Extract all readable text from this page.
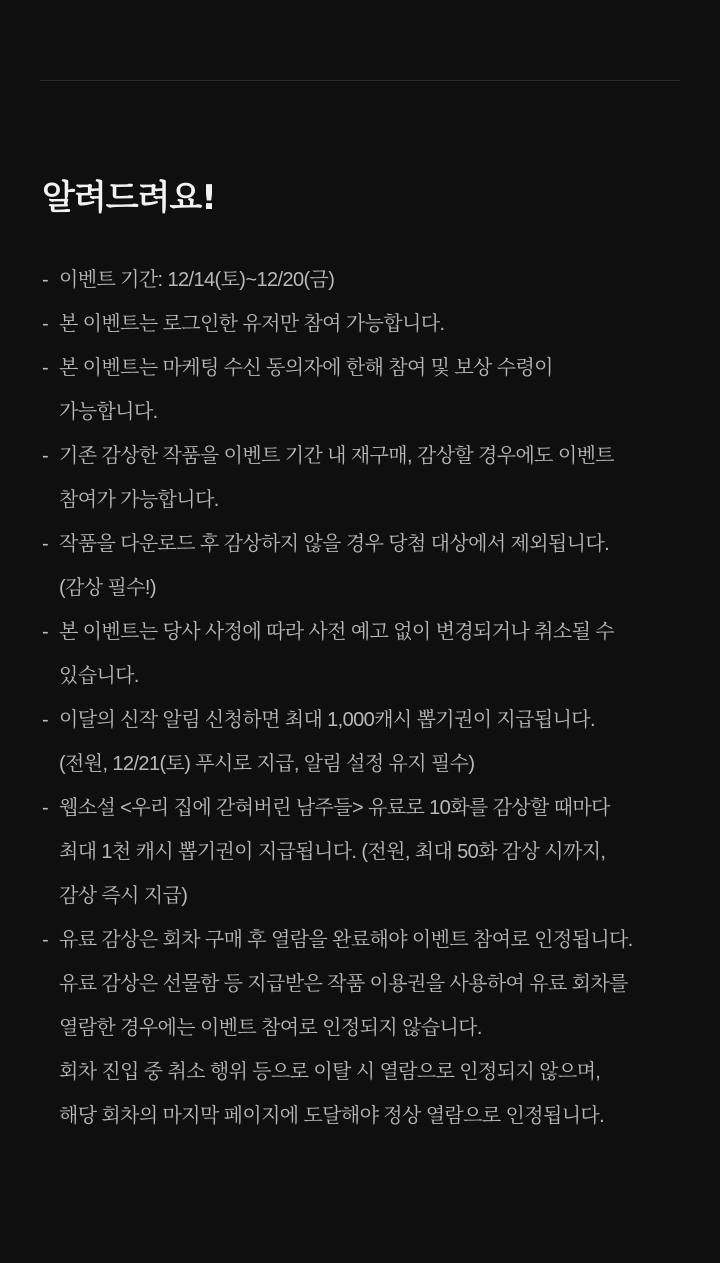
알려드려요!
- 이벤트 기간: 12/14(토)~12/20(금)
- 본 이벤트는 로그인한 유저만 참여 가능합니다.
- 본 이벤트는 마케팅 수신 동의자에 한해 참여 및 보상 수령이
가능합니다.
- 기존 감상한 작품을 이벤트 기간 내 재구매, 감상할 경우에도 이벤트
참여가 가능합니다.
- 작품을 다운로드 후 감상하지 않을 경우 당첨 대상에서 제외됩니다.
(감상 필수!)
- 본 이벤트는 당사 사정에 따라 사전 예고 없이 변경되거나 취소될 수
있습니다.
- 이달의 신작 알림 신청하면 최대 1,000캐시 뽑기권이 지급됩니다.
(전원, 12/21(토) 푸시로 지급, 알림 설정 유지 필수)
- 웹소설 <우리 집에 갇혀버린 남주들> 유료로 10화를 감상할 때마다
최대 1천 캐시 뽑기권이 지급됩니다. (전원, 최대 50화 감상 시까지,
감상 즉시 지급)
- 유료 감상은 회차 구매 후 열람을 완료해야 이벤트 참여로 인정됩니다.
유료 감상은 선물함 등 지급받은 작품 이용권을 사용하여 유료 회차를
열람한 경우에는 이벤트 참여로 인정되지 않습니다.
회차 진입 중 취소 행위 등으로 이탈 시 열람으로 인정되지 않으며,
해당 회차의 마지막 페이지에 도달해야 정상 열람으로 인정됩니다.
